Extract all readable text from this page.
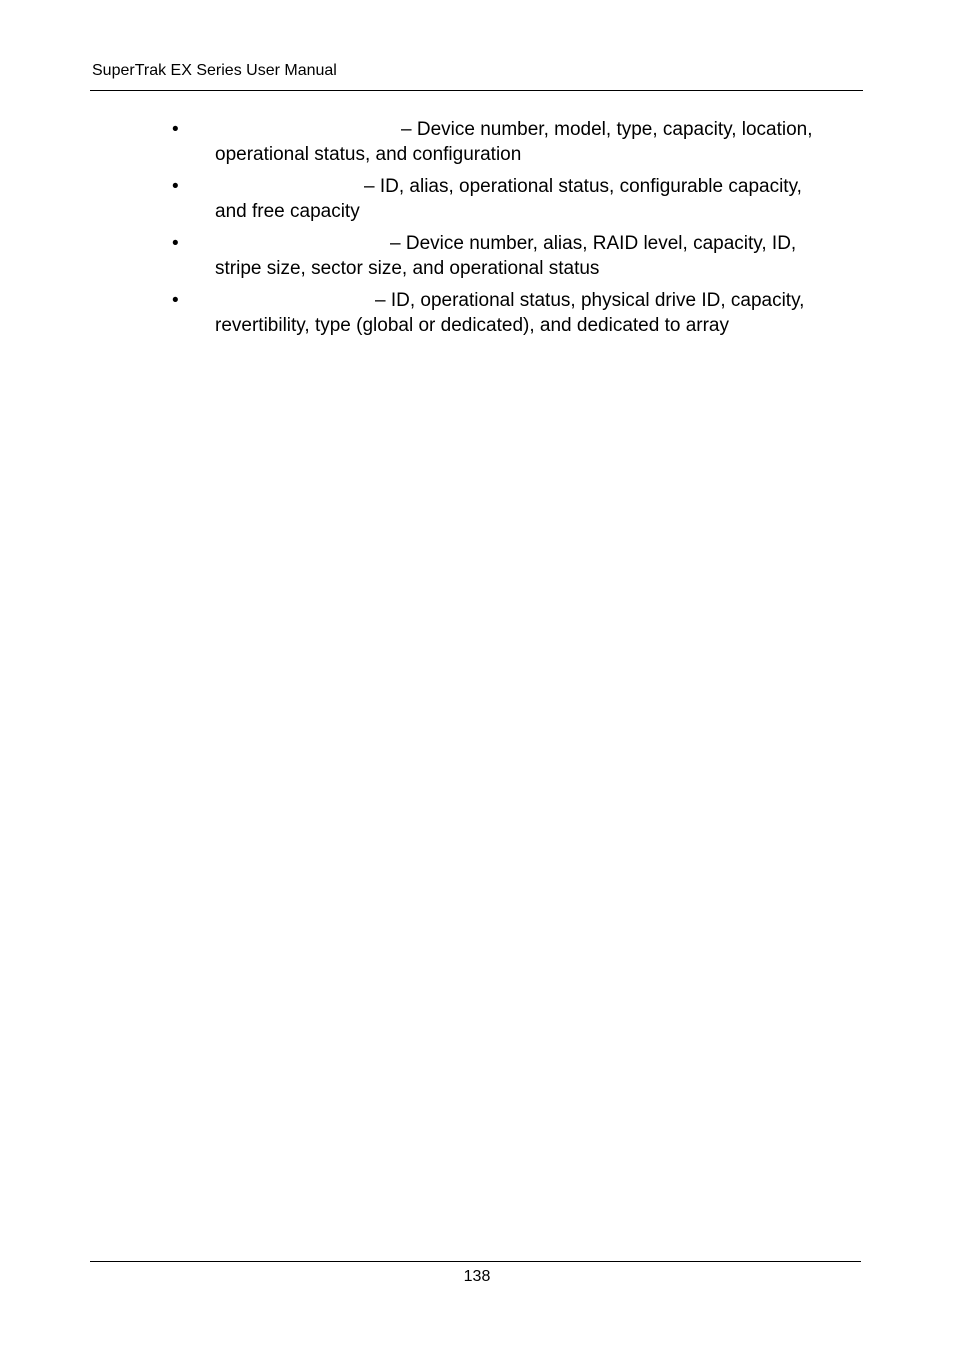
SuperTrak EX Series User Manual
•	– Device number, model, type, capacity, location,
operational status, and configuration
•	– ID, alias, operational status, configurable capacity,
and free capacity
•	– Device number, alias, RAID level, capacity, ID,
stripe size, sector size, and operational status
•	– ID, operational status, physical drive ID, capacity,
revertibility, type (global or dedicated), and dedicated to array
138
